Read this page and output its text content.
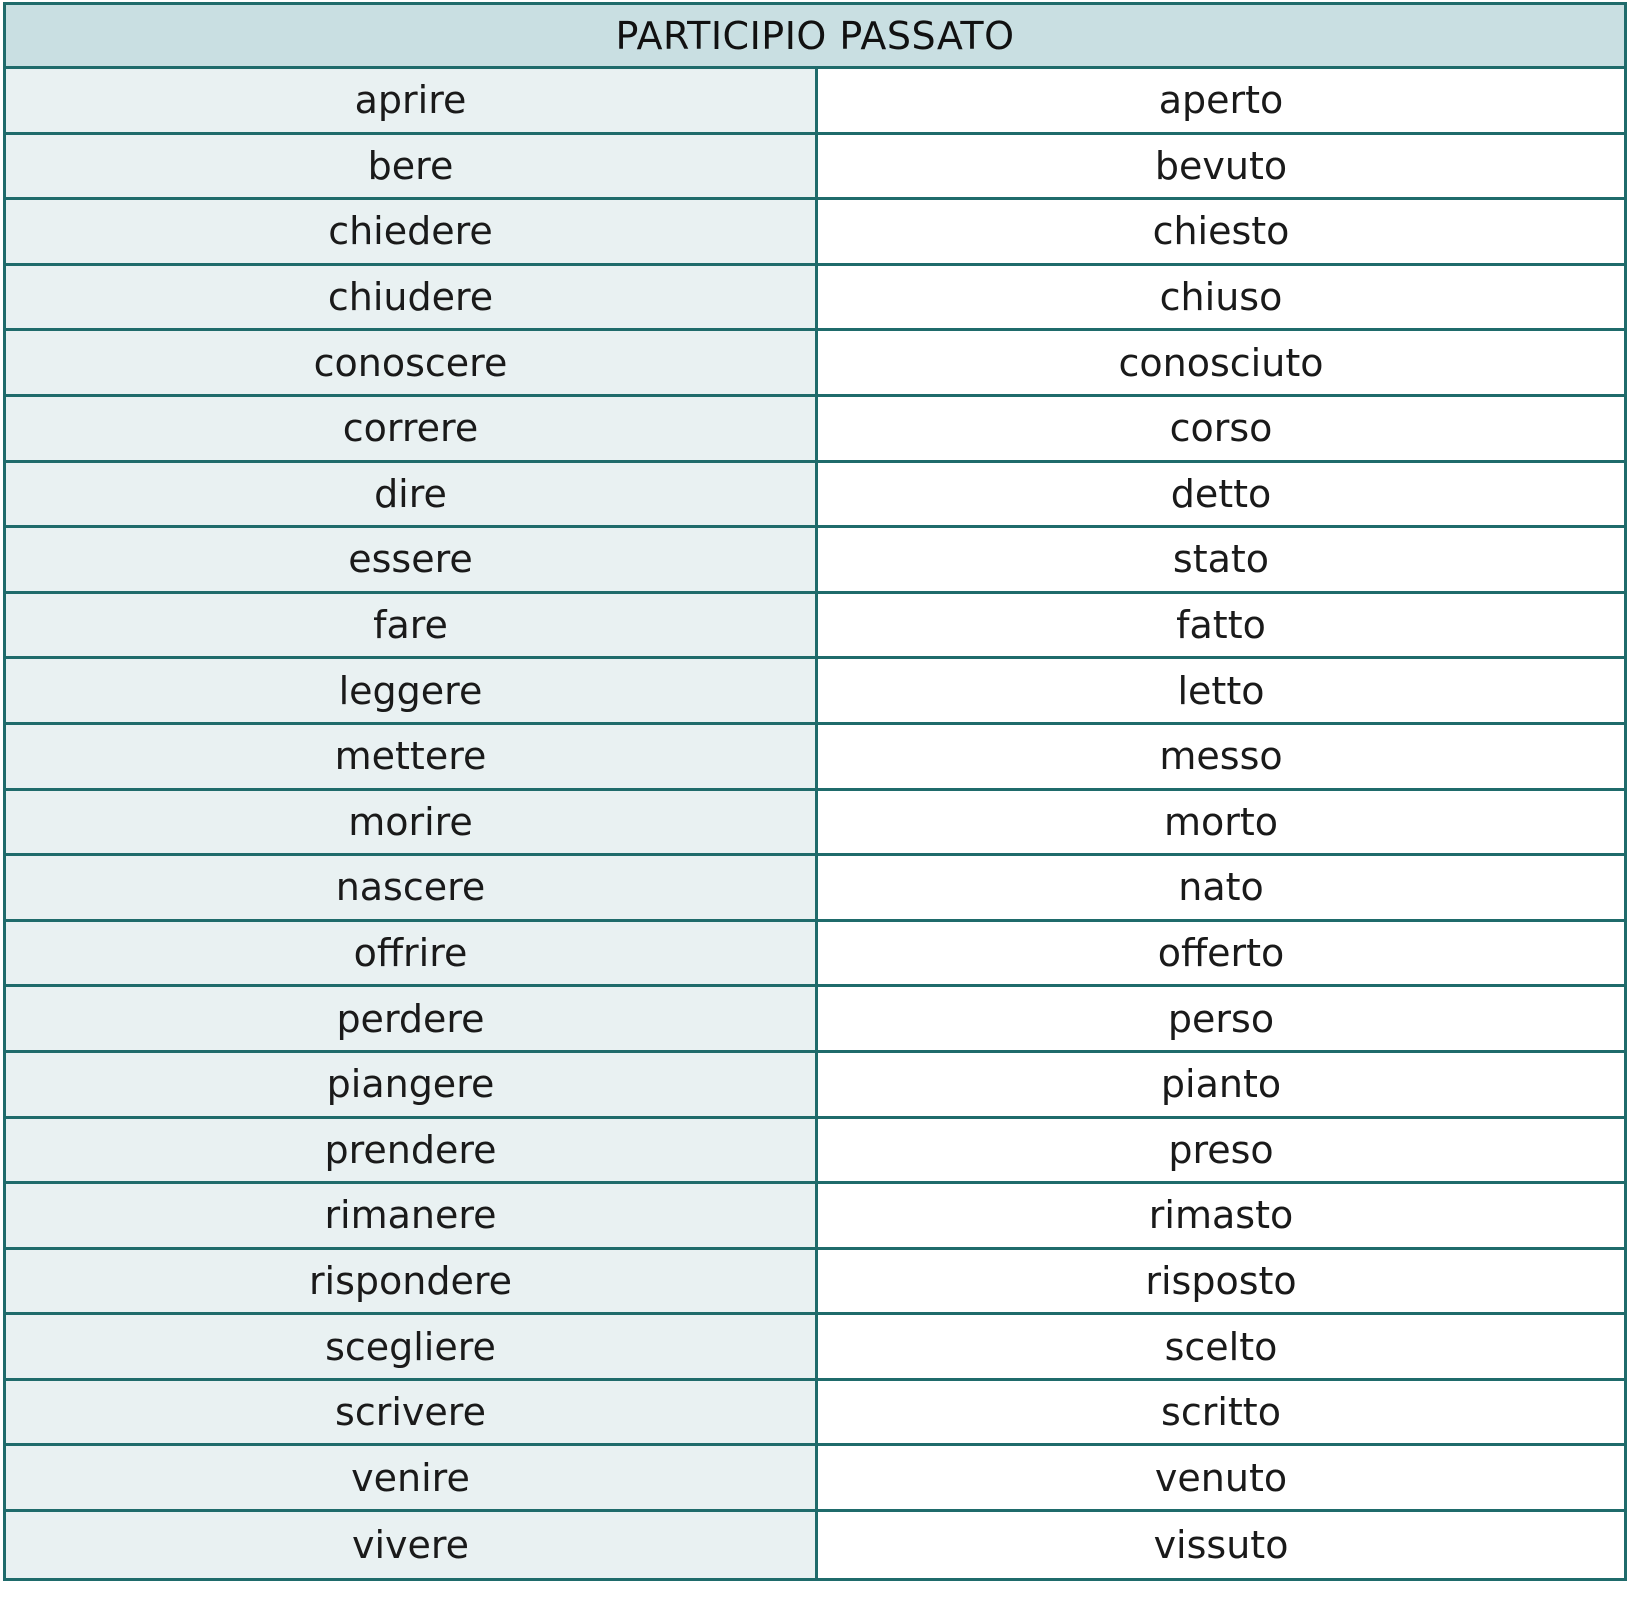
PARTICIPIO PASSATO
aprire	aperto
bere	bevuto
chiedere	chiesto
chiudere	chiuso
conoscere	conosciuto
correre	corso
dire	detto
essere	stato
fare	fatto
leggere	letto
mettere	messo
morire	morto
nascere	nato
offrire	offerto
perdere	perso
piangere	pianto
prendere	preso
rimanere	rimasto
rispondere	risposto
scegliere	scelto
scrivere	scritto
venire	venuto
vivere	vissuto
